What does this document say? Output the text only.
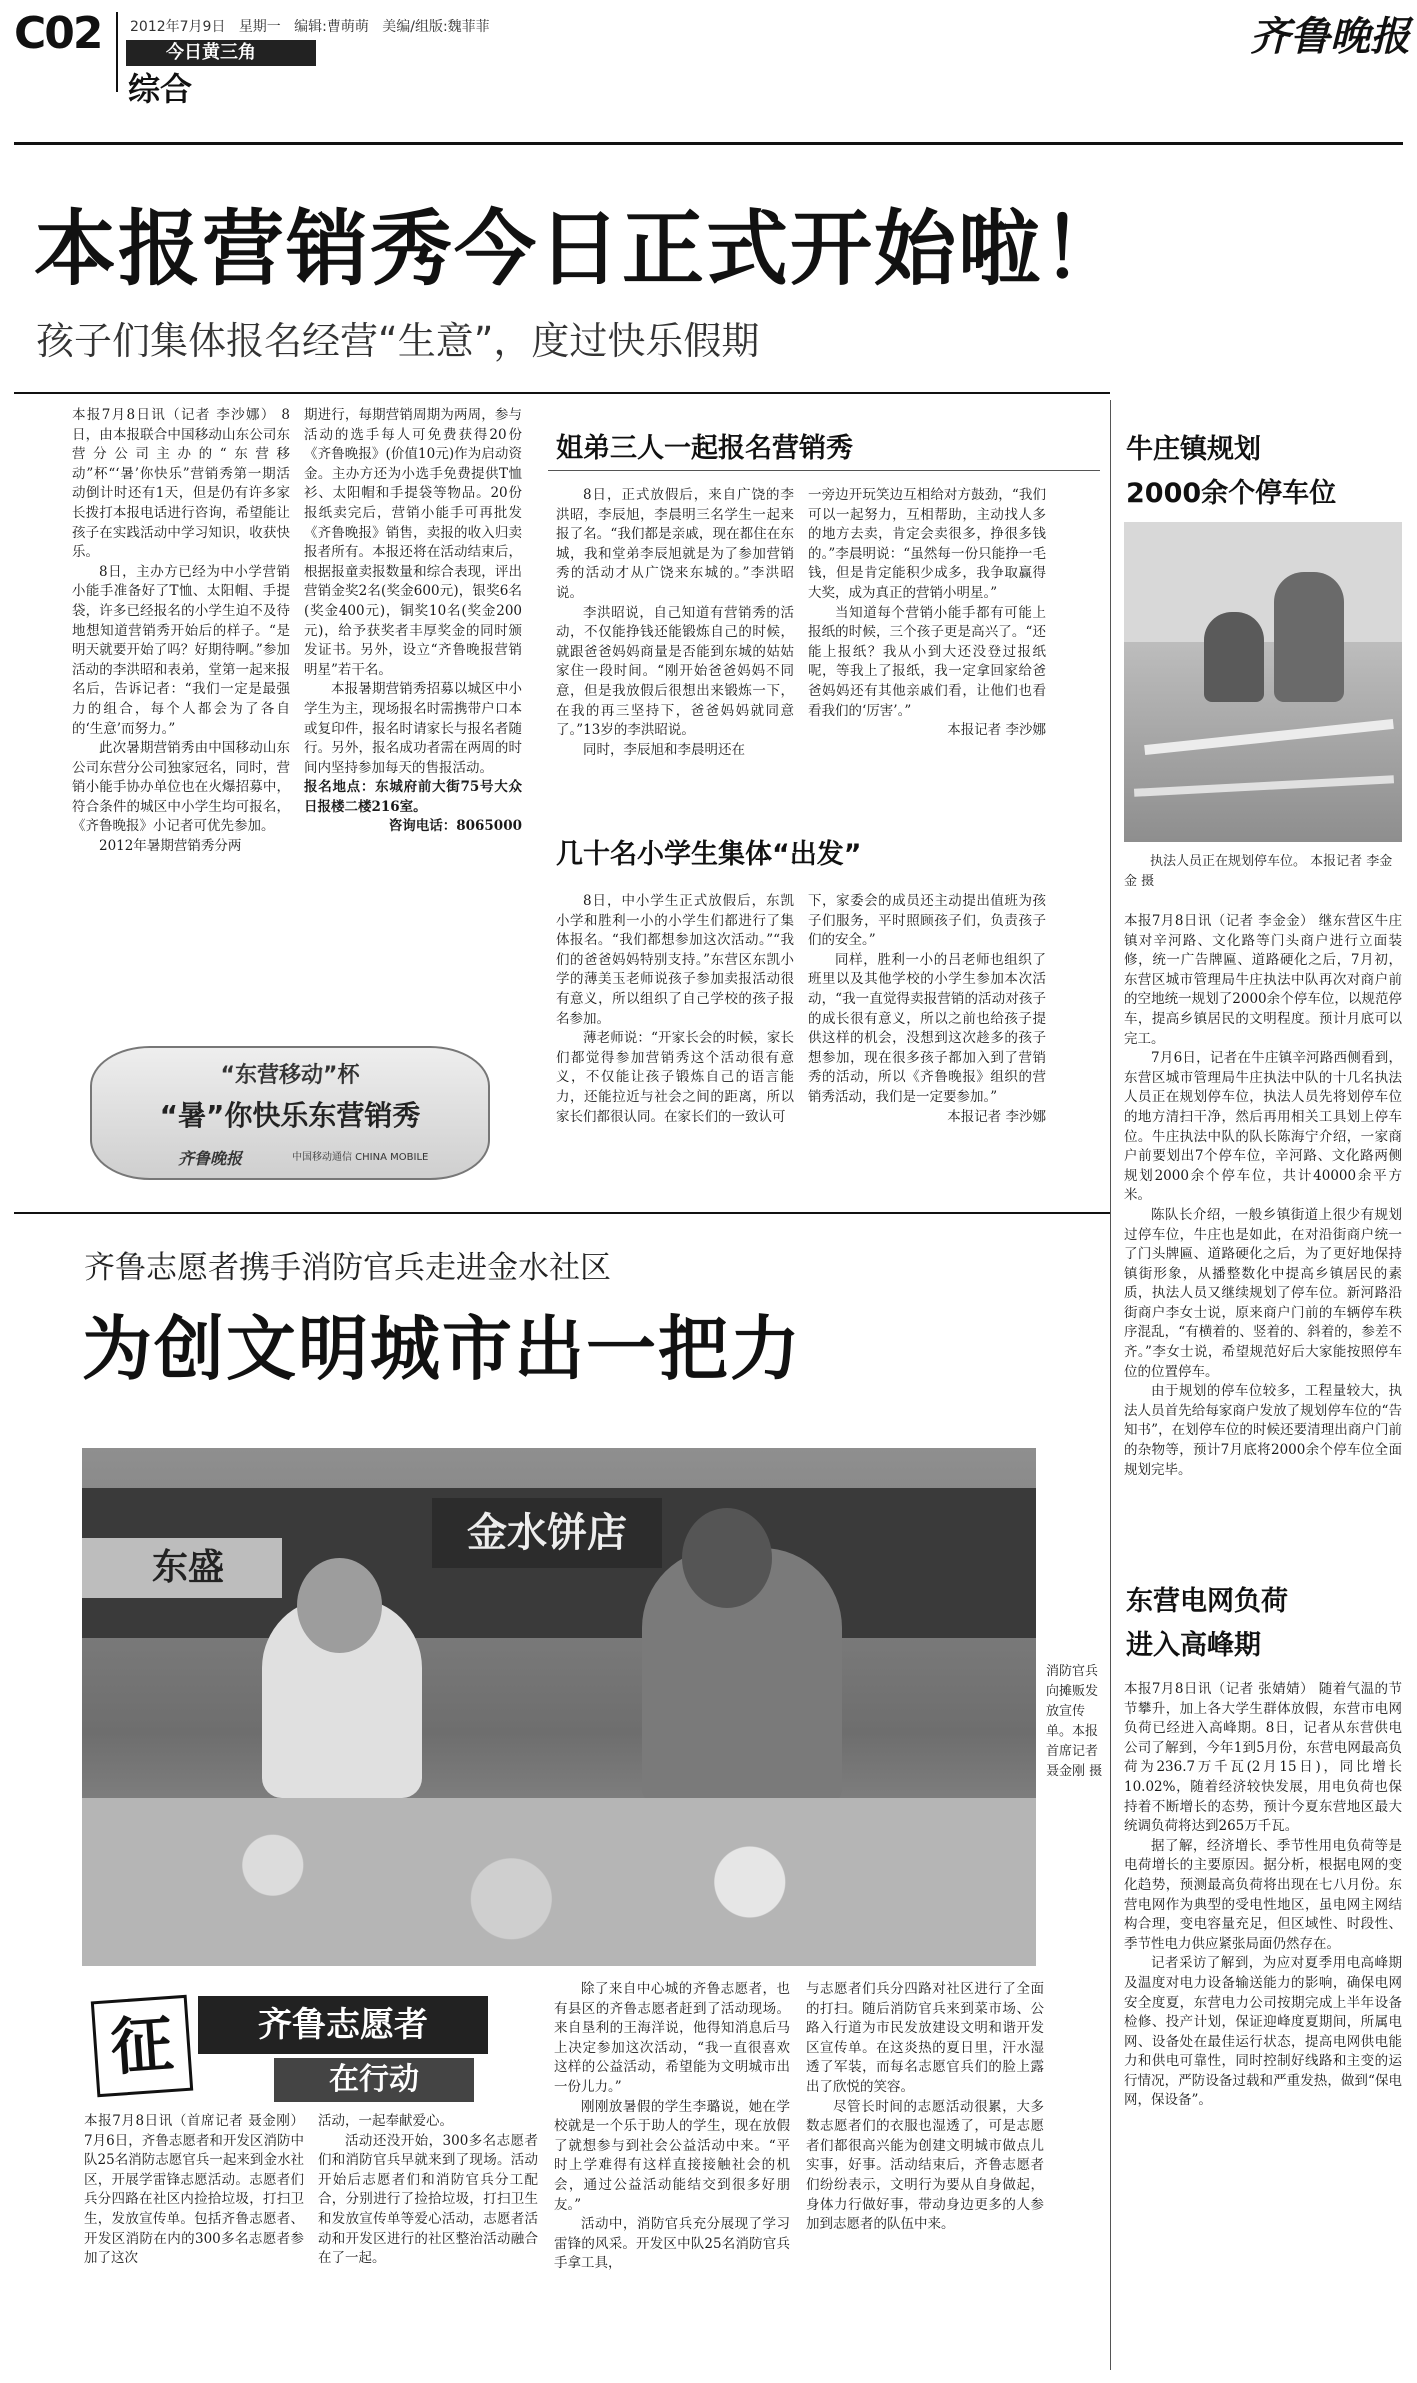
C02 2012年7月9日 星期一 编辑:曹萌萌 美编/组版:魏菲菲
今日黄三角
综合
齐鲁晚报
本报营销秀今日正式开始啦！
孩子们集体报名经营“生意”，度过快乐假期

本报7月8日讯（记者 李沙娜） 8日，由本报联合中国移动山东公司东营分公司主办的“东营移动”杯“‘暑’你快乐”营销秀第一期活动倒计时还有1天，但是仍有许多家长拨打本报电话进行咨询，希望能让孩子在实践活动中学习知识，收获快乐。

8日，主办方已经为中小学营销小能手准备好了T恤、太阳帽、手提袋，许多已经报名的小学生迫不及待地想知道营销秀开始后的样子。“是明天就要开始了吗？好期待啊。”参加活动的李洪昭和表弟，堂第一起来报名后，告诉记者：“我们一定是最强力的组合，每个人都会为了各自的‘生意’而努力。”

此次暑期营销秀由中国移动山东公司东营分公司独家冠名，同时，营销小能手协办单位也在火爆招募中，符合条件的城区中小学生均可报名，《齐鲁晚报》小记者可优先参加。

2012年暑期营销秀分两

期进行，每期营销周期为两周，参与活动的选手每人可免费获得20份《齐鲁晚报》(价值10元)作为启动资金。主办方还为小选手免费提供T恤衫、太阳帽和手提袋等物品。20份报纸卖完后，营销小能手可再批发《齐鲁晚报》销售，卖报的收入归卖报者所有。本报还将在活动结束后，根据报童卖报数量和综合表现，评出营销金奖2名(奖金600元)，银奖6名(奖金400元)，铜奖10名(奖金200元)，给予获奖者丰厚奖金的同时颁发证书。另外，设立“齐鲁晚报营销明星”若干名。

本报暑期营销秀招募以城区中小学生为主，现场报名时需携带户口本或复印件，报名时请家长与报名者随行。另外，报名成功者需在两周的时间内坚持参加每天的售报活动。

报名地点：东城府前大街75号大众日报楼二楼216室。

咨询电话：8065000

“东营移动”杯
“暑”你快乐东营销秀
齐鲁晚报	中国移动通信 CHINA MOBILE
姐弟三人一起报名营销秀

8日，正式放假后，来自广饶的李洪昭，李辰旭，李晨明三名学生一起来报了名。“我们都是亲戚，现在都住在东城，我和堂弟李辰旭就是为了参加营销秀的活动才从广饶来东城的。”李洪昭说。

李洪昭说，自己知道有营销秀的活动，不仅能挣钱还能锻炼自己的时候，就跟爸爸妈妈商量是否能到东城的姑姑家住一段时间。“刚开始爸爸妈妈不同意，但是我放假后很想出来锻炼一下，在我的再三坚持下，爸爸妈妈就同意了。”13岁的李洪昭说。

同时，李辰旭和李晨明还在

一旁边开玩笑边互相给对方鼓劲，“我们可以一起努力，互相帮助，主动找人多的地方去卖，肯定会卖很多，挣很多钱的。”李晨明说：“虽然每一份只能挣一毛钱，但是肯定能积少成多，我争取赢得大奖，成为真正的营销小明星。”

当知道每个营销小能手都有可能上报纸的时候，三个孩子更是高兴了。“还能上报纸？我从小到大还没登过报纸呢，等我上了报纸，我一定拿回家给爸爸妈妈还有其他亲戚们看，让他们也看看我们的‘厉害’。”

本报记者 李沙娜

几十名小学生集体“出发”

8日，中小学生正式放假后，东凯小学和胜利一小的小学生们都进行了集体报名。“我们都想参加这次活动。”“我们的爸爸妈妈特别支持。”东营区东凯小学的薄美玉老师说孩子参加卖报活动很有意义，所以组织了自己学校的孩子报名参加。

薄老师说：“开家长会的时候，家长们都觉得参加营销秀这个活动很有意义，不仅能让孩子锻炼自己的语言能力，还能拉近与社会之间的距离，所以家长们都很认同。在家长们的一致认可

下，家委会的成员还主动提出值班为孩子们服务，平时照顾孩子们，负责孩子们的安全。”

同样，胜利一小的吕老师也组织了班里以及其他学校的小学生参加本次活动，“我一直觉得卖报营销的活动对孩子的成长很有意义，所以之前也给孩子提供这样的机会，没想到这次趁多的孩子想参加，现在很多孩子都加入到了营销秀的活动，所以《齐鲁晚报》组织的营销秀活动，我们是一定要参加。”

本报记者 李沙娜

牛庄镇规划
2000余个停车位
执法人员正在规划停车位。 本报记者 李金金 摄

本报7月8日讯（记者 李金金） 继东营区牛庄镇对辛河路、文化路等门头商户进行立面装修，统一广告牌匾、道路硬化之后，7月初，东营区城市管理局牛庄执法中队再次对商户前的空地统一规划了2000余个停车位，以规范停车，提高乡镇居民的文明程度。预计月底可以完工。

7月6日，记者在牛庄镇辛河路西侧看到，东营区城市管理局牛庄执法中队的十几名执法人员正在规划停车位，执法人员先将划停车位的地方清扫干净，然后再用相关工具划上停车位。牛庄执法中队的队长陈海宁介绍，一家商户前要划出7个停车位，辛河路、文化路两侧规划2000余个停车位，共计40000余平方米。

陈队长介绍，一般乡镇街道上很少有规划过停车位，牛庄也是如此，在对沿街商户统一了门头牌匾、道路硬化之后，为了更好地保持镇街形象，从播整数化中提高乡镇居民的素质，执法人员又继续规划了停车位。新河路沿街商户李女士说，原来商户门前的车辆停车秩序混乱，“有横着的、竖着的、斜着的，参差不齐。”李女士说，希望规范好后大家能按照停车位的位置停车。

由于规划的停车位较多，工程量较大，执法人员首先给每家商户发放了规划停车位的“告知书”，在划停车位的时候还要清理出商户门前的杂物等，预计7月底将2000余个停车位全面规划完毕。

东营电网负荷
进入高峰期

本报7月8日讯（记者 张婧婧） 随着气温的节节攀升，加上各大学生群体放假，东营市电网负荷已经进入高峰期。8日，记者从东营供电公司了解到，今年1到5月份，东营电网最高负荷为236.7万千瓦(2月15日)，同比增长10.02%，随着经济较快发展，用电负荷也保持着不断增长的态势，预计今夏东营地区最大统调负荷将达到265万千瓦。

据了解，经济增长、季节性用电负荷等是电荷增长的主要原因。据分析，根据电网的变化趋势，预测最高负荷将出现在七八月份。东营电网作为典型的受电性地区，虽电网主网结构合理，变电容量充足，但区域性、时段性、季节性电力供应紧张局面仍然存在。

记者采访了解到，为应对夏季用电高峰期及温度对电力设备输送能力的影响，确保电网安全度夏，东营电力公司按期完成上半年设备检修、投产计划，保证迎峰度夏期间，所属电网、设备处在最佳运行状态，提高电网供电能力和供电可靠性，同时控制好线路和主变的运行情况，严防设备过载和严重发热，做到“保电网，保设备”。

齐鲁志愿者携手消防官兵走进金水社区
为创文明城市出一把力
金水饼店
东盛
消防官兵向摊贩发放宣传单。本报首席记者 聂金刚 摄
征	齐鲁志愿者
在行动

本报7月8日讯（首席记者 聂金刚） 7月6日，齐鲁志愿者和开发区消防中队25名消防志愿官兵一起来到金水社区，开展学雷锋志愿活动。志愿者们兵分四路在社区内捡拾垃圾，打扫卫生，发放宣传单。包括齐鲁志愿者、开发区消防在内的300多名志愿者参加了这次

活动，一起奉献爱心。

活动还没开始，300多名志愿者们和消防官兵早就来到了现场。活动开始后志愿者们和消防官兵分工配合，分别进行了捡拾垃圾，打扫卫生和发放宣传单等爱心活动，志愿者活动和开发区进行的社区整治活动融合在了一起。

除了来自中心城的齐鲁志愿者，也有县区的齐鲁志愿者赶到了活动现场。来自垦利的王海洋说，他得知消息后马上决定参加这次活动，“我一直很喜欢这样的公益活动，希望能为文明城市出一份儿力。”

刚刚放暑假的学生李璐说，她在学校就是一个乐于助人的学生，现在放假了就想参与到社会公益活动中来。“平时上学难得有这样直接接触社会的机会，通过公益活动能结交到很多好朋友。”

活动中，消防官兵充分展现了学习雷锋的风采。开发区中队25名消防官兵手拿工具，

与志愿者们兵分四路对社区进行了全面的打扫。随后消防官兵来到菜市场、公路入行道为市民发放建设文明和谐开发区宣传单。在这炎热的夏日里，汗水湿透了军装，而每名志愿官兵们的脸上露出了欣悦的笑容。

尽管长时间的志愿活动很累，大多数志愿者们的衣服也湿透了，可是志愿者们都很高兴能为创建文明城市做点儿实事，好事。活动结束后，齐鲁志愿者们纷纷表示，文明行为要从自身做起，身体力行做好事，带动身边更多的人参加到志愿者的队伍中来。
